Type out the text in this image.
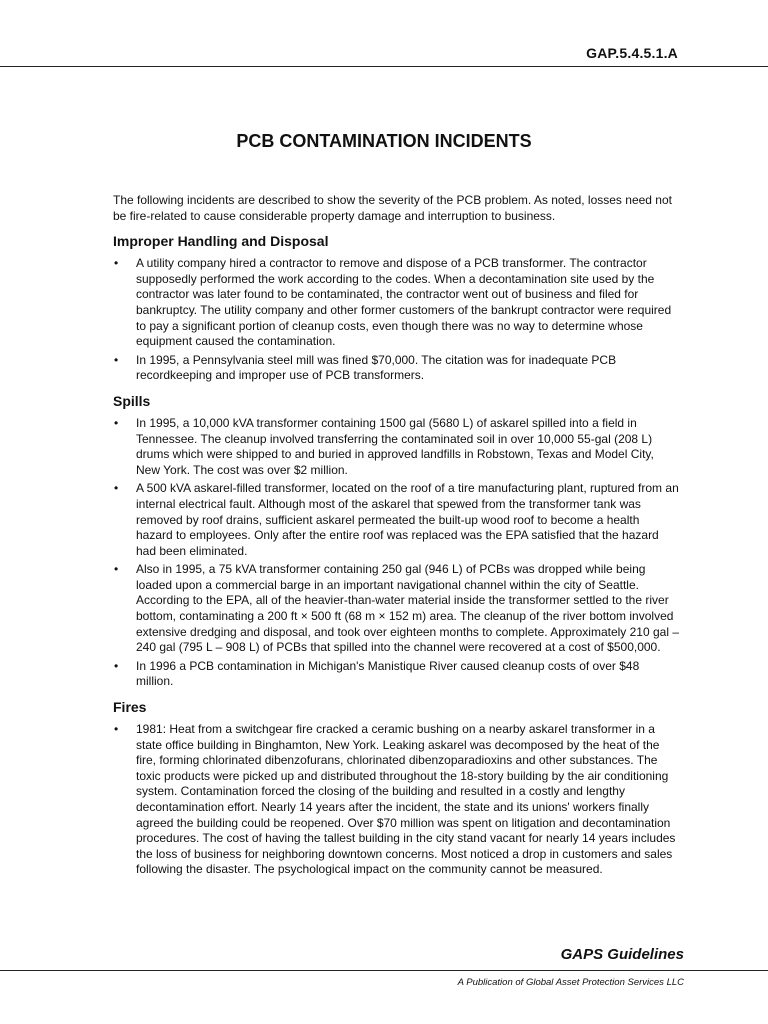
GAP.5.4.5.1.A
PCB CONTAMINATION INCIDENTS

The following incidents are described to show the severity of the PCB problem. As noted, losses need not be fire-related to cause considerable property damage and interruption to business.

Improper Handling and Disposal
• A utility company hired a contractor to remove and dispose of a PCB transformer. The contractor supposedly performed the work according to the codes. When a decontamination site used by the contractor was later found to be contaminated, the contractor went out of business and filed for bankruptcy. The utility company and other former customers of the bankrupt contractor were required to pay a significant portion of cleanup costs, even though there was no way to determine whose equipment caused the contamination.
• In 1995, a Pennsylvania steel mill was fined $70,000. The citation was for inadequate PCB recordkeeping and improper use of PCB transformers.
Spills
• In 1995, a 10,000 kVA transformer containing 1500 gal (5680 L) of askarel spilled into a field in Tennessee. The cleanup involved transferring the contaminated soil in over 10,000 55-gal (208 L) drums which were shipped to and buried in approved landfills in Robstown, Texas and Model City, New York. The cost was over $2 million.
• A 500 kVA askarel-filled transformer, located on the roof of a tire manufacturing plant, ruptured from an internal electrical fault. Although most of the askarel that spewed from the transformer tank was removed by roof drains, sufficient askarel permeated the built-up wood roof to become a health hazard to employees. Only after the entire roof was replaced was the EPA satisfied that the hazard had been eliminated.
• Also in 1995, a 75 kVA transformer containing 250 gal (946 L) of PCBs was dropped while being loaded upon a commercial barge in an important navigational channel within the city of Seattle. According to the EPA, all of the heavier-than-water material inside the transformer settled to the river bottom, contaminating a 200 ft × 500 ft (68 m × 152 m) area. The cleanup of the river bottom involved extensive dredging and disposal, and took over eighteen months to complete. Approximately 210 gal – 240 gal (795 L – 908 L) of PCBs that spilled into the channel were recovered at a cost of $500,000.
• In 1996 a PCB contamination in Michigan's Manistique River caused cleanup costs of over $48 million.
Fires
• 1981: Heat from a switchgear fire cracked a ceramic bushing on a nearby askarel transformer in a state office building in Binghamton, New York. Leaking askarel was decomposed by the heat of the fire, forming chlorinated dibenzofurans, chlorinated dibenzoparadioxins and other substances. The toxic products were picked up and distributed throughout the 18-story building by the air conditioning system. Contamination forced the closing of the building and resulted in a costly and lengthy decontamination effort. Nearly 14 years after the incident, the state and its unions' workers finally agreed the building could be reopened. Over $70 million was spent on litigation and decontamination procedures. The cost of having the tallest building in the city stand vacant for nearly 14 years includes the loss of business for neighboring downtown concerns. Most noticed a drop in customers and sales following the disaster. The psychological impact on the community cannot be measured.
GAPS Guidelines
A Publication of Global Asset Protection Services LLC
